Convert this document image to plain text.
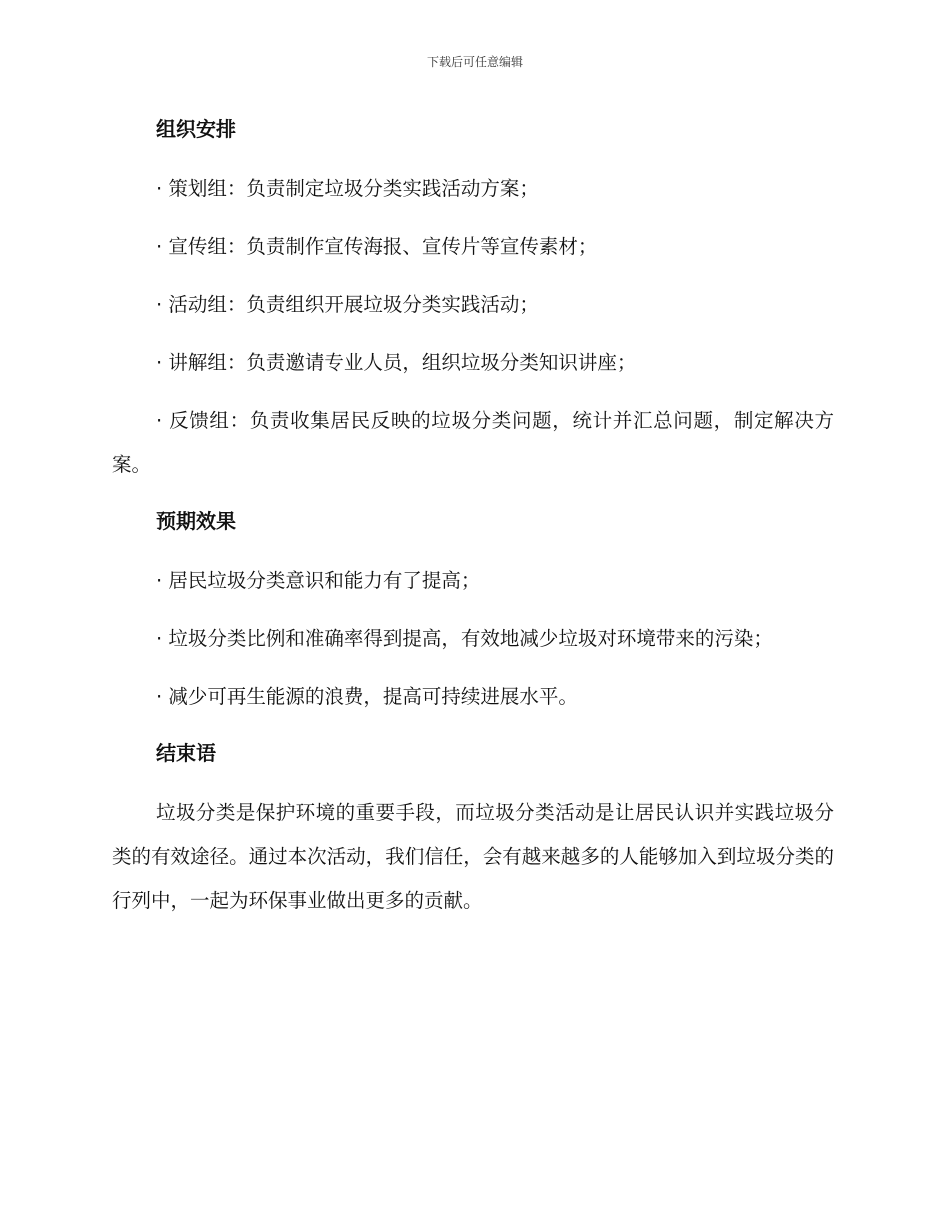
下载后可任意编辑
组织安排

· 策划组：负责制定垃圾分类实践活动方案；

· 宣传组：负责制作宣传海报、宣传片等宣传素材；

· 活动组：负责组织开展垃圾分类实践活动；

· 讲解组：负责邀请专业人员，组织垃圾分类知识讲座；

· 反馈组：负责收集居民反映的垃圾分类问题，统计并汇总问题，制定解决方案。

预期效果

· 居民垃圾分类意识和能力有了提高；

· 垃圾分类比例和准确率得到提高，有效地减少垃圾对环境带来的污染；

· 减少可再生能源的浪费，提高可持续进展水平。

结束语

垃圾分类是保护环境的重要手段，而垃圾分类活动是让居民认识并实践垃圾分类的有效途径。通过本次活动，我们信任，会有越来越多的人能够加入到垃圾分类的行列中，一起为环保事业做出更多的贡献。
